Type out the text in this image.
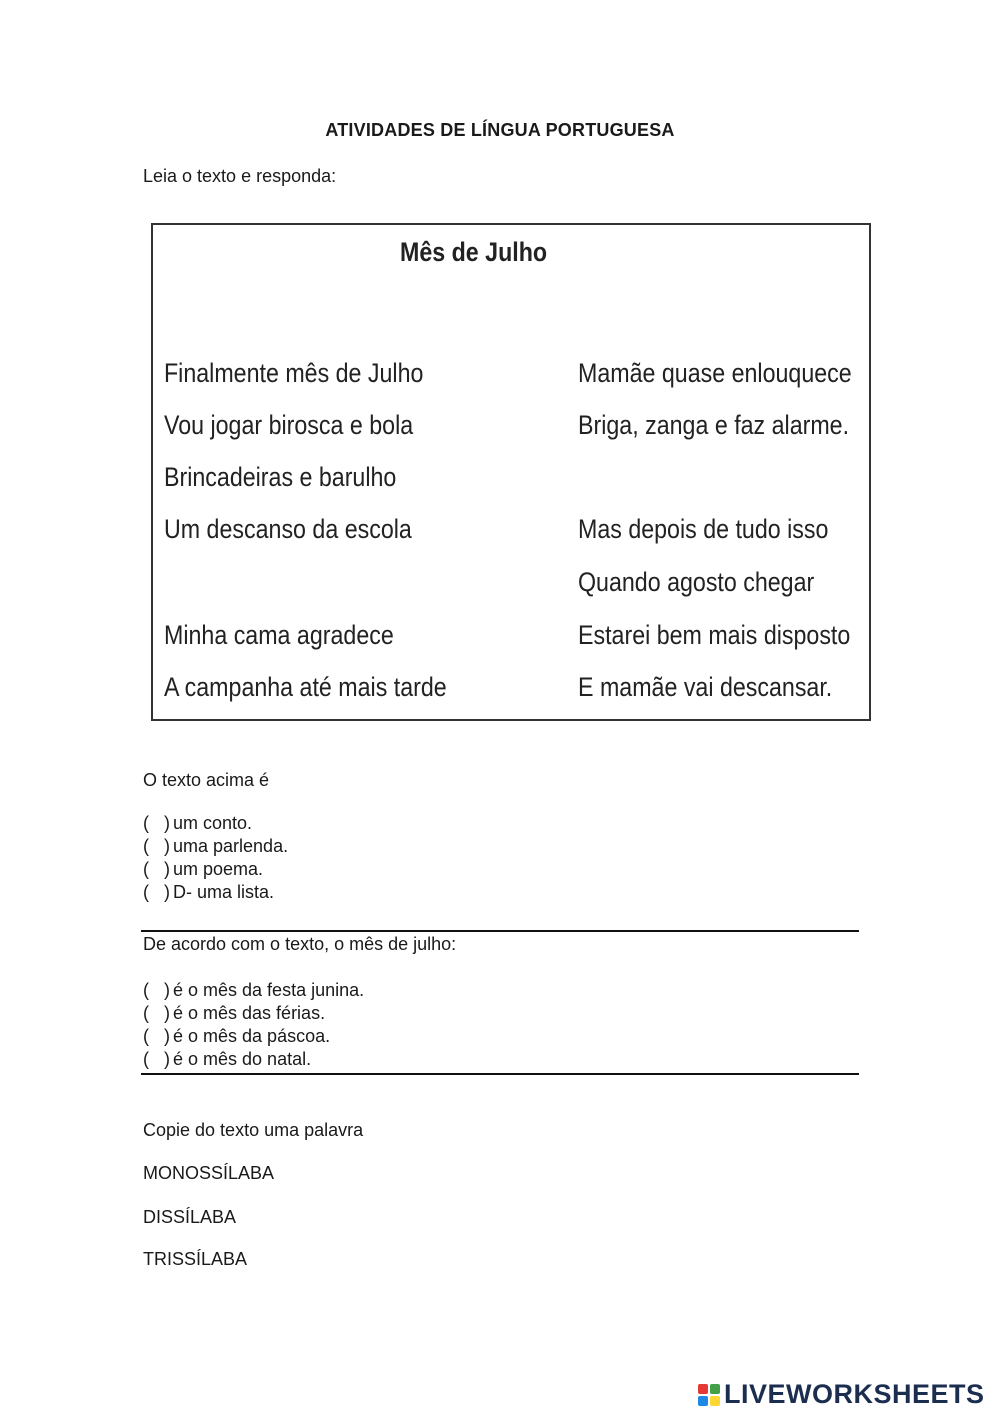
ATIVIDADES DE LÍNGUA PORTUGUESA
Leia o texto e responda:
Mês de Julho
Finalmente mês de Julho
Vou jogar birosca e bola
Brincadeiras e barulho
Um descanso da escola
Minha cama agradece
A campanha até mais tarde
Mamãe quase enlouquece
Briga, zanga e faz alarme.
Mas depois de tudo isso
Quando agosto chegar
Estarei bem mais disposto
E mamãe vai descansar.
O texto acima é
(   ) um conto.
(   ) uma parlenda.
(   ) um poema.
(   ) D- uma lista.
De acordo com o texto, o mês de julho:
(   ) é o mês da festa junina.
(   ) é o mês das férias.
(   ) é o mês da páscoa.
(   ) é o mês do natal.
Copie do texto uma palavra
MONOSSÍLABA
DISSÍLABA
TRISSÍLABA
LIVEWORKSHEETS
